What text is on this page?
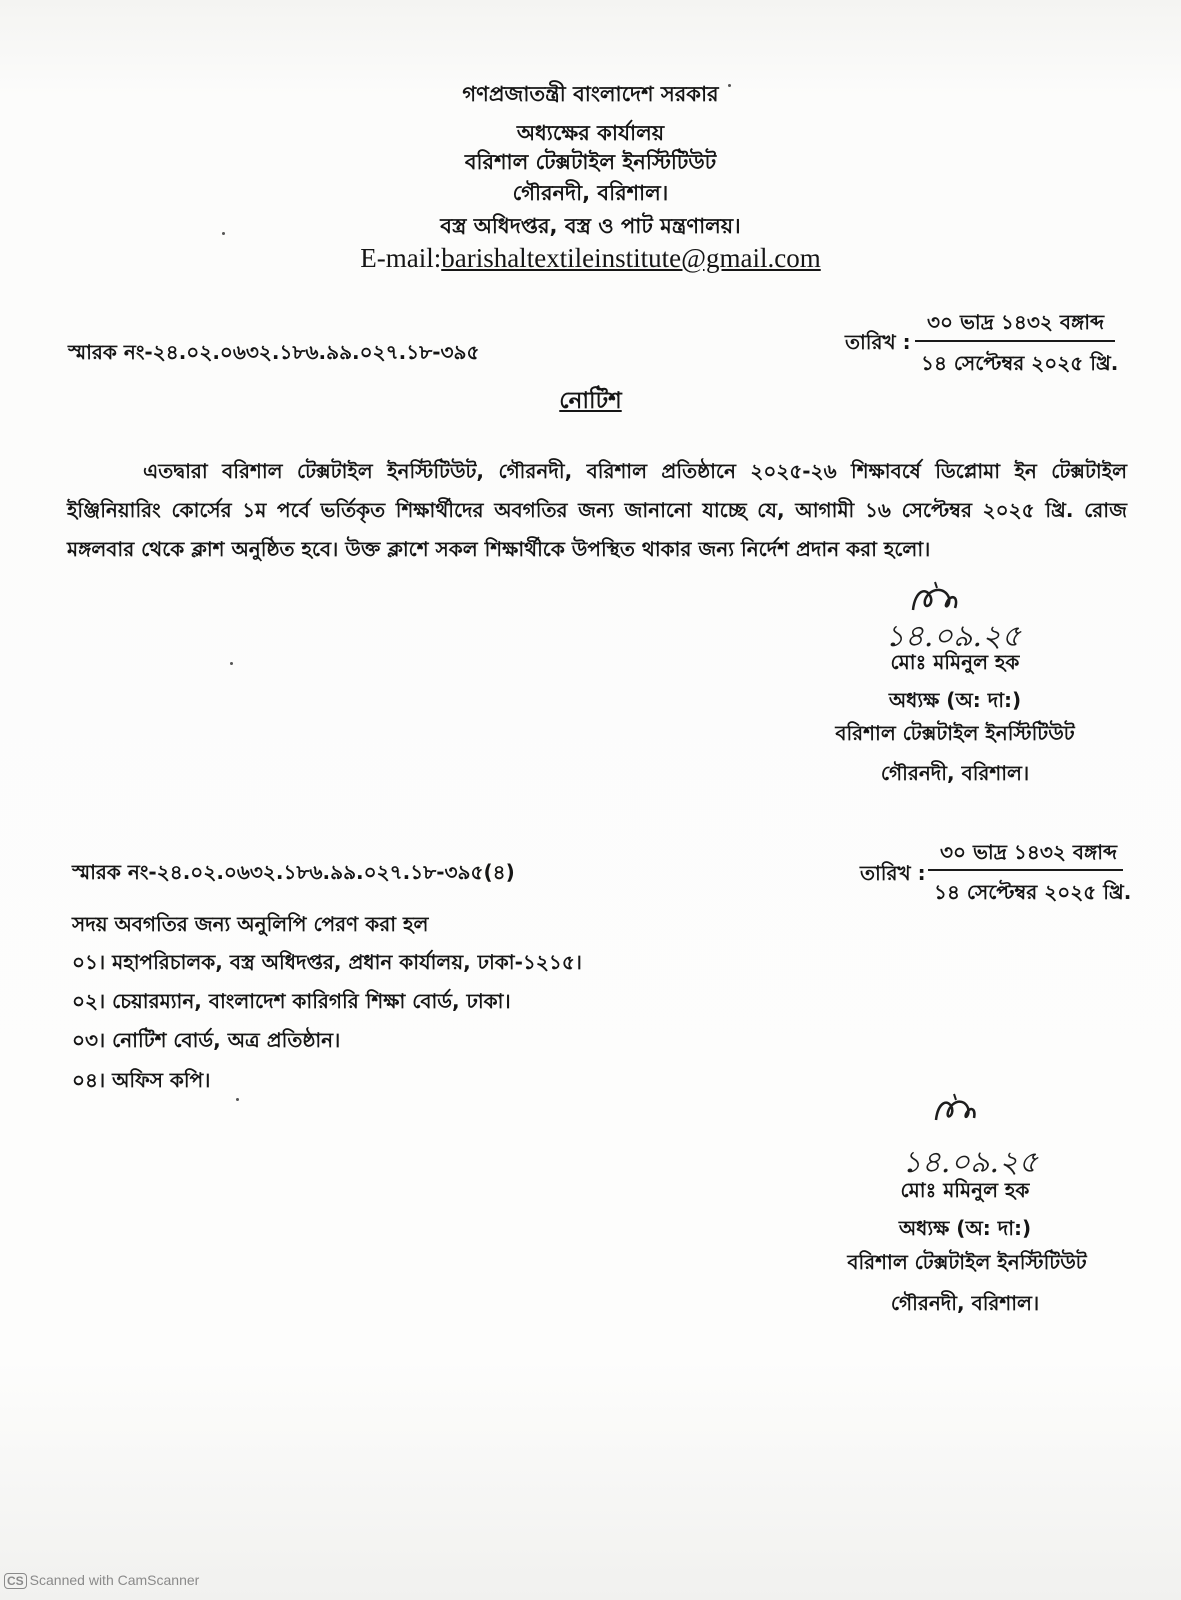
গণপ্রজাতন্ত্রী বাংলাদেশ সরকার
অধ্যক্ষের কার্যালয়
বরিশাল টেক্সটাইল ইনস্টিটিউট
গৌরনদী, বরিশাল।
বস্ত্র অধিদপ্তর, বস্ত্র ও পাট মন্ত্রণালয়।
E-mail:barishaltextileinstitute@gmail.com
স্মারক নং-২৪.০২.০৬৩২.১৮৬.৯৯.০২৭.১৮-৩৯৫	তারিখ :
৩০ ভাদ্র ১৪৩২ বঙ্গাব্দ
১৪ সেপ্টেম্বর ২০২৫ খ্রি.
নোটিশ
এতদ্বারা বরিশাল টেক্সটাইল ইনস্টিটিউট, গৌরনদী, বরিশাল প্রতিষ্ঠানে ২০২৫-২৬ শিক্ষাবর্ষে ডিপ্লোমা ইন টেক্সটাইল ইঞ্জিনিয়ারিং কোর্সের ১ম পর্বে ভর্তিকৃত শিক্ষার্থীদের অবগতির জন্য জানানো যাচ্ছে যে, আগামী ১৬ সেপ্টেম্বর ২০২৫ খ্রি. রোজ মঙ্গলবার থেকে ক্লাশ অনুষ্ঠিত হবে। উক্ত ক্লাশে সকল শিক্ষার্থীকে উপস্থিত থাকার জন্য নির্দেশ প্রদান করা হলো।
১৪.০৯.২৫
মোঃ মমিনুল হক
অধ্যক্ষ (অ: দা:)
বরিশাল টেক্সটাইল ইনস্টিটিউট
গৌরনদী, বরিশাল।
স্মারক নং-২৪.০২.০৬৩২.১৮৬.৯৯.০২৭.১৮-৩৯৫(৪)	তারিখ :
৩০ ভাদ্র ১৪৩২ বঙ্গাব্দ
১৪ সেপ্টেম্বর ২০২৫ খ্রি.
সদয় অবগতির জন্য অনুলিপি পেরণ করা হল
০১। মহাপরিচালক, বস্ত্র অধিদপ্তর, প্রধান কার্যালয়, ঢাকা-১২১৫।
০২। চেয়ারম্যান, বাংলাদেশ কারিগরি শিক্ষা বোর্ড, ঢাকা।
০৩। নোটিশ বোর্ড, অত্র প্রতিষ্ঠান।
০৪। অফিস কপি।
১৪.০৯.২৫
মোঃ মমিনুল হক
অধ্যক্ষ (অ: দা:)
বরিশাল টেক্সটাইল ইনস্টিটিউট
গৌরনদী, বরিশাল।
CS Scanned with CamScanner
